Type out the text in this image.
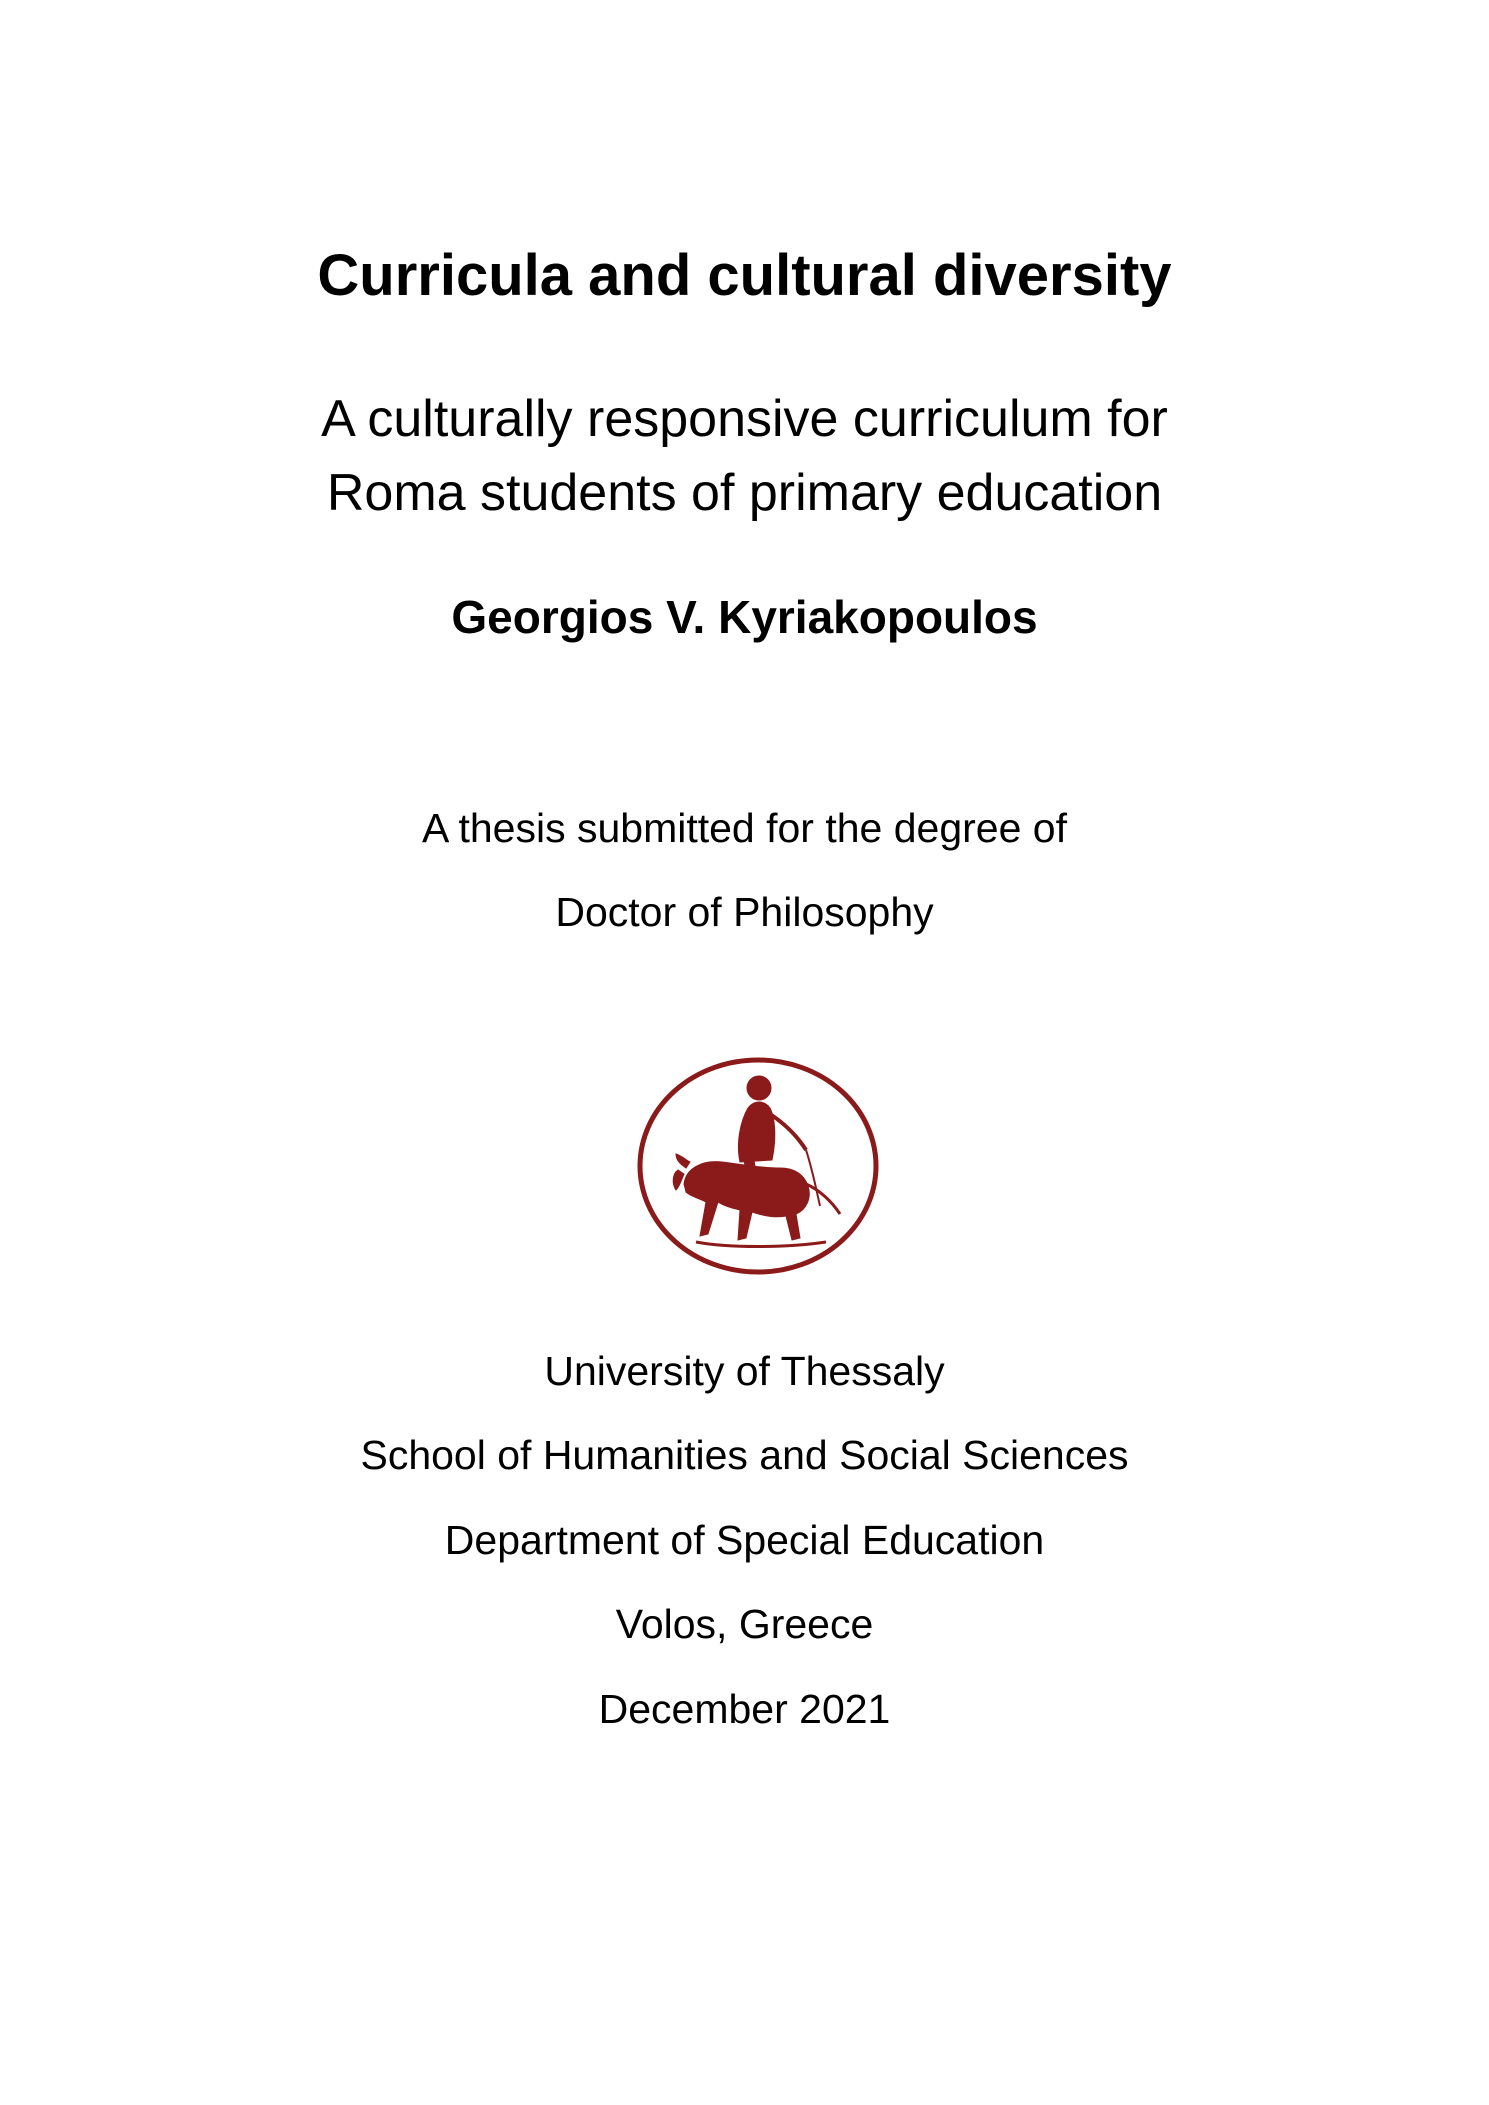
Curricula and cultural diversity
A culturally responsive curriculum for
Roma students of primary education
Georgios V. Kyriakopoulos
A thesis submitted for the degree of
Doctor of Philosophy
University of Thessaly
School of Humanities and Social Sciences
Department of Special Education
Volos, Greece
December 2021
